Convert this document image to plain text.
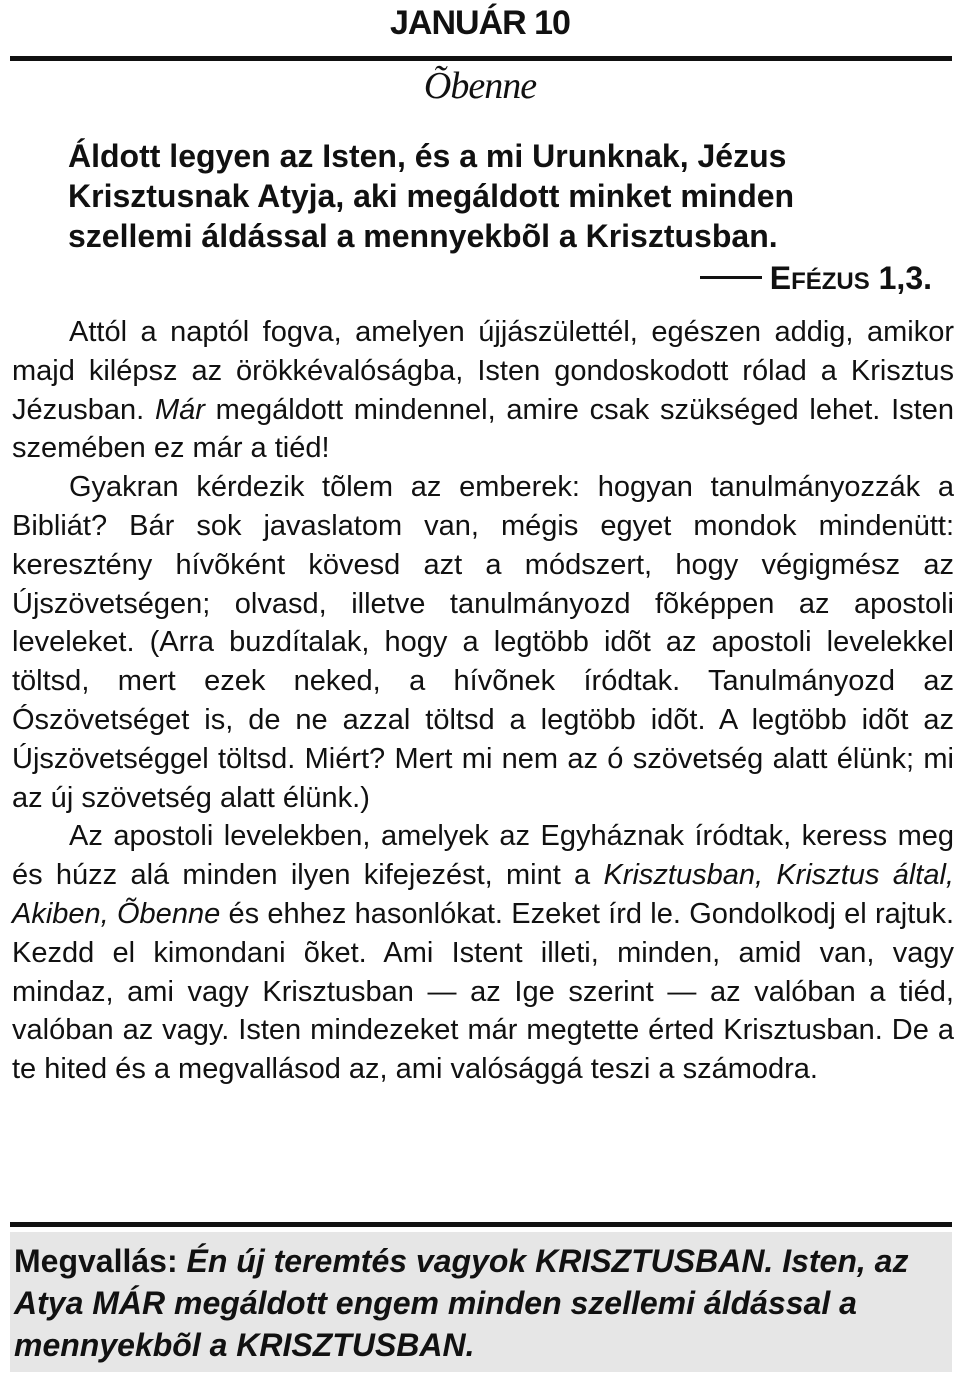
JANUÁR 10
Õbenne

Áldott legyen az Isten, és a mi Urunknak, Jézus Krisztusnak Atyja, aki megáldott minket minden szellemi áldással a mennyekbõl a Krisztusban.

EFÉZUS 1,3.

Attól a naptól fogva, amelyen újjászülettél, egészen addig, amikor majd kilépsz az örökkévalóságba, Isten gondoskodott rólad a Krisztus Jézusban. Már megáldott mindennel, amire csak szükséged lehet. Isten szemében ez már a tiéd!

Gyakran kérdezik tõlem az emberek: hogyan tanulmányozzák a Bibliát? Bár sok javaslatom van, mégis egyet mondok mindenütt: keresztény hívõként kövesd azt a módszert, hogy végigmész az Újszövetségen; olvasd, illetve tanulmányozd fõképpen az apostoli leveleket. (Arra buzdítalak, hogy a legtöbb idõt az apostoli levelekkel töltsd, mert ezek neked, a hívõnek íródtak. Tanulmányozd az Ószövetséget is, de ne azzal töltsd a legtöbb idõt. A legtöbb idõt az Újszövetséggel töltsd. Miért? Mert mi nem az ó szövetség alatt élünk; mi az új szövetség alatt élünk.)

Az apostoli levelekben, amelyek az Egyháznak íródtak, keress meg és húzz alá minden ilyen kifejezést, mint a Krisztusban, Krisztus által, Akiben, Õbenne és ehhez hasonlókat. Ezeket írd le. Gondolkodj el rajtuk. Kezdd el kimondani õket. Ami Istent illeti, minden, amid van, vagy mindaz, ami vagy Krisztusban — az Ige szerint — az valóban a tiéd, valóban az vagy. Isten mindezeket már megtette érted Krisztusban. De a te hited és a megvallásod az, ami valósággá teszi a számodra.

Megvallás: Én új teremtés vagyok KRISZTUSBAN. Isten, az Atya MÁR megáldott engem minden szellemi áldással a mennyekbõl a KRISZTUSBAN.
